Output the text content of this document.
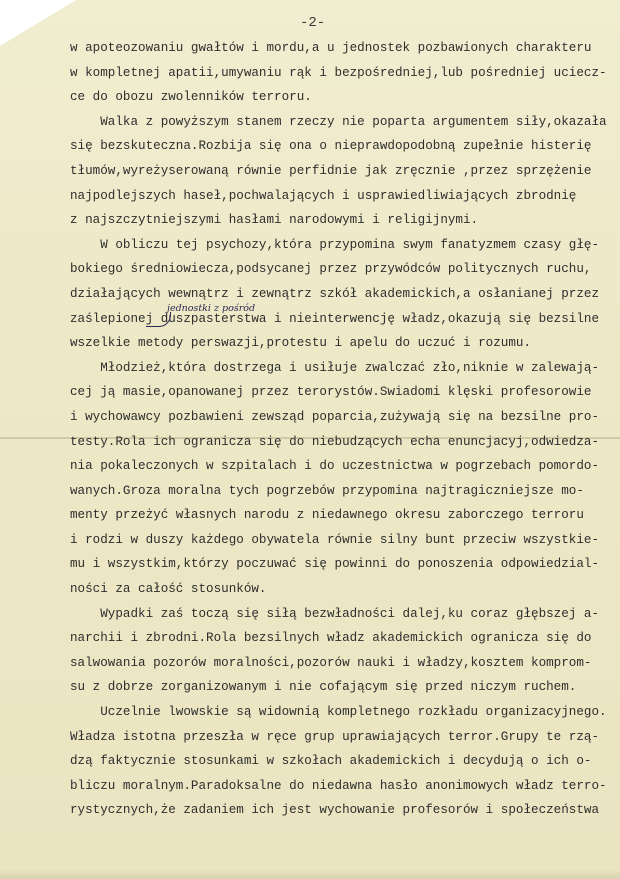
-2-
w apoteozowaniu gwałtów i mordu,a u jednostek pozbawionych charakteru
w kompletnej apatii,umywaniu rąk i bezpośredniej,lub pośredniej uciecz-
ce do obozu zwolenników terroru.
Walka z powyższym stanem rzeczy nie poparta argumentem siły,okazała
się bezskuteczna.Rozbija się ona o nieprawdopodobną zupełnie histerię
tłumów,wyreżyserowaną równie perfidnie jak zręcznie ,przez sprzężenie
najpodlejszych haseł,pochwalających i usprawiedliwiających zbrodnię
z najszczytniejszymi hasłami narodowymi i religijnymi.
W obliczu tej psychozy,która przypomina swym fanatyzmem czasy głę-
bokiego średniowiecza,podsycanej przez przywódców politycznych ruchu,
działających wewnątrz i zewnątrz szkół akademickich,a osłanianej przez
zaślepionej duszpasterstwa i nieinterwencję władz,okazują się bezsilne
wszelkie metody perswazji,protestu i apelu do uczuć i rozumu.
Młodzież,która dostrzega i usiłuje zwalczać zło,niknie w zalewają-
cej ją masie,opanowanej przez terorystów.Swiadomi klęski profesorowie
i wychowawcy pozbawieni zewsząd poparcia,zużywają się na bezsilne pro-
testy.Rola ich ogranicza się do niebudzących echa enuncjacyj,odwiedza-
nia pokaleczonych w szpitalach i do uczestnictwa w pogrzebach pomordo-
wanych.Groza moralna tych pogrzebów przypomina najtragiczniejsze mo-
menty przeżyć własnych narodu z niedawnego okresu zaborczego terroru
i rodzi w duszy każdego obywatela równie silny bunt przeciw wszystkie-
mu i wszystkim,którzy poczuwać się powinni do ponoszenia odpowiedzial-
ności za całość stosunków.
Wypadki zaś toczą się siłą bezwładności dalej,ku coraz głębszej a-
narchii i zbrodni.Rola bezsilnych władz akademickich ogranicza się do
salwowania pozorów moralności,pozorów nauki i władzy,kosztem komprom-
su z dobrze zorganizowanym i nie cofającym się przed niczym ruchem.
Uczelnie lwowskie są widownią kompletnego rozkładu organizacyjnego.
Władza istotna przeszła w ręce grup uprawiających terror.Grupy te rzą-
dzą faktycznie stosunkami w szkołach akademickich i decydują o ich o-
bliczu moralnym.Paradoksalne do niedawna hasło anonimowych władz terro-
rystycznych,że zadaniem ich jest wychowanie profesorów i społeczeństwa
jednostki z pośród
